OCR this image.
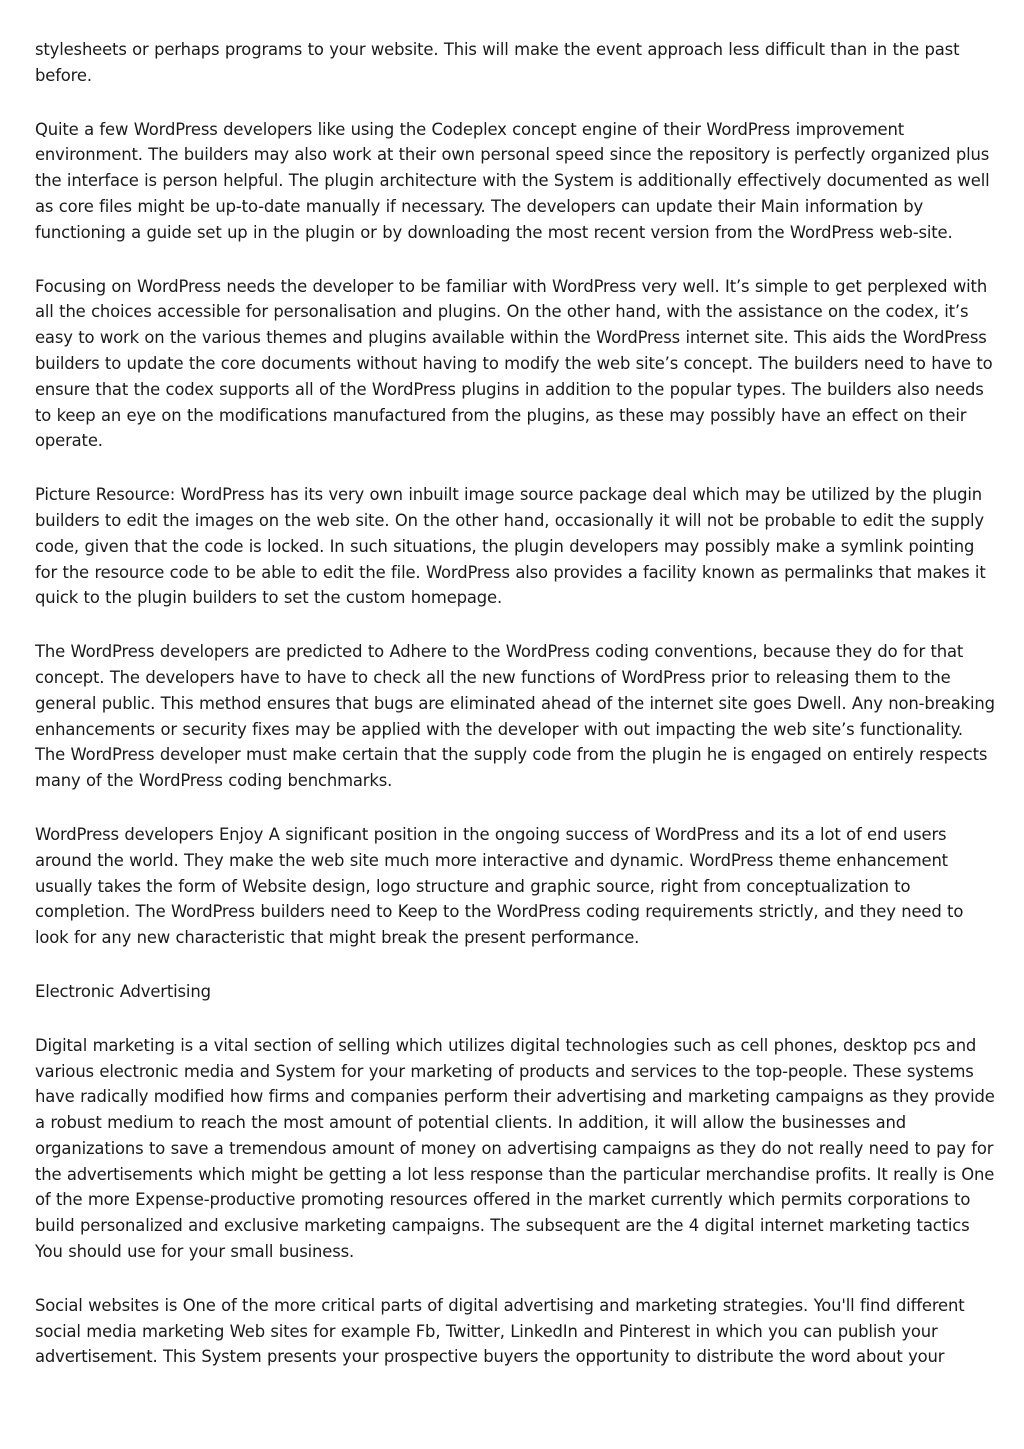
stylesheets or perhaps programs to your website. This will make the event approach less difficult than in the past before.

Quite a few WordPress developers like using the Codeplex concept engine of their WordPress improvement environment. The builders may also work at their own personal speed since the repository is perfectly organized plus the interface is person helpful. The plugin architecture with the System is additionally effectively documented as well as core files might be up-to-date manually if necessary. The developers can update their Main information by functioning a guide set up in the plugin or by downloading the most recent version from the WordPress web-site.

Focusing on WordPress needs the developer to be familiar with WordPress very well. It’s simple to get perplexed with all the choices accessible for personalisation and plugins. On the other hand, with the assistance on the codex, it’s easy to work on the various themes and plugins available within the WordPress internet site. This aids the WordPress builders to update the core documents without having to modify the web site’s concept. The builders need to have to ensure that the codex supports all of the WordPress plugins in addition to the popular types. The builders also needs to keep an eye on the modifications manufactured from the plugins, as these may possibly have an effect on their operate.

Picture Resource: WordPress has its very own inbuilt image source package deal which may be utilized by the plugin builders to edit the images on the web site. On the other hand, occasionally it will not be probable to edit the supply code, given that the code is locked. In such situations, the plugin developers may possibly make a symlink pointing for the resource code to be able to edit the file. WordPress also provides a facility known as permalinks that makes it quick to the plugin builders to set the custom homepage.

The WordPress developers are predicted to Adhere to the WordPress coding conventions, because they do for that concept. The developers have to have to check all the new functions of WordPress prior to releasing them to the general public. This method ensures that bugs are eliminated ahead of the internet site goes Dwell. Any non-breaking enhancements or security fixes may be applied with the developer with out impacting the web site’s functionality. The WordPress developer must make certain that the supply code from the plugin he is engaged on entirely respects many of the WordPress coding benchmarks.

WordPress developers Enjoy A significant position in the ongoing success of WordPress and its a lot of end users around the world. They make the web site much more interactive and dynamic. WordPress theme enhancement usually takes the form of Website design, logo structure and graphic source, right from conceptualization to completion. The WordPress builders need to Keep to the WordPress coding requirements strictly, and they need to look for any new characteristic that might break the present performance.

Electronic Advertising

Digital marketing is a vital section of selling which utilizes digital technologies such as cell phones, desktop pcs and various electronic media and System for your marketing of products and services to the top-people. These systems have radically modified how firms and companies perform their advertising and marketing campaigns as they provide a robust medium to reach the most amount of potential clients. In addition, it will allow the businesses and organizations to save a tremendous amount of money on advertising campaigns as they do not really need to pay for the advertisements which might be getting a lot less response than the particular merchandise profits. It really is One of the more Expense-productive promoting resources offered in the market currently which permits corporations to build personalized and exclusive marketing campaigns. The subsequent are the 4 digital internet marketing tactics You should use for your small business.

Social websites is One of the more critical parts of digital advertising and marketing strategies. You'll find different social media marketing Web sites for example Fb, Twitter, LinkedIn and Pinterest in which you can publish your advertisement. This System presents your prospective buyers the opportunity to distribute the word about your
